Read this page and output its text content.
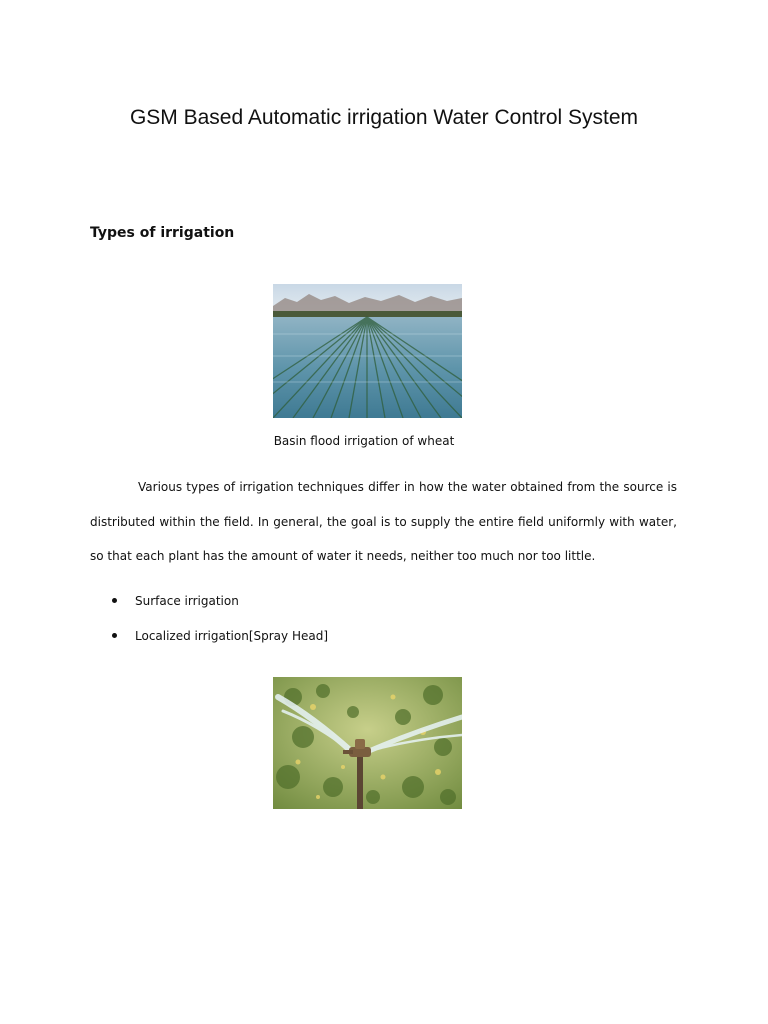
GSM Based Automatic irrigation Water Control System
Types of irrigation
Basin flood irrigation of wheat

Various types of irrigation techniques differ in how the water obtained from the source is distributed within the field. In general, the goal is to supply the entire field uniformly with water, so that each plant has the amount of water it needs, neither too much nor too little.

Surface irrigation
Localized irrigation[Spray Head]
